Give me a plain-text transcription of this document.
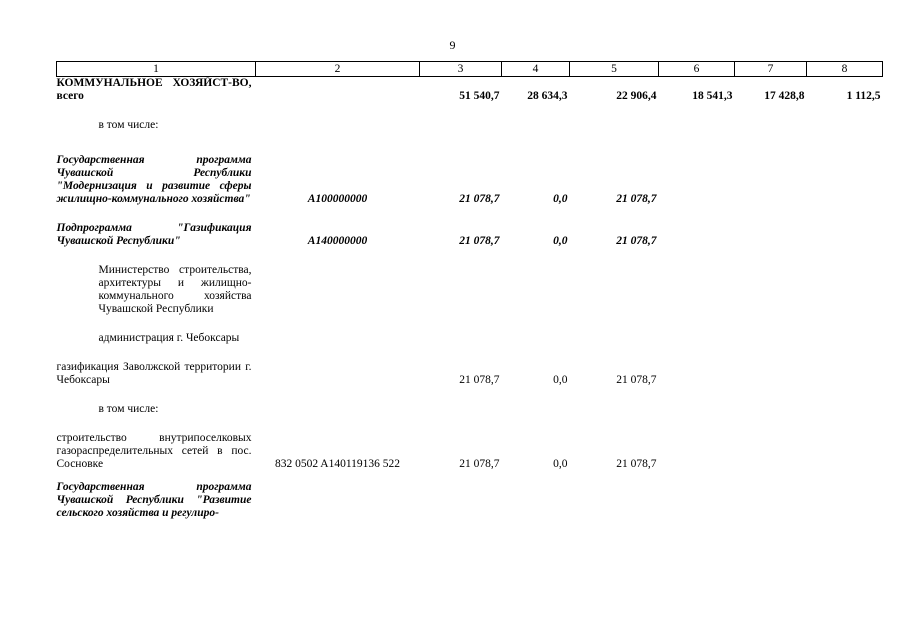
9
1	2	3	4	5	6	7	8
КОММУНАЛЬНОЕ ХОЗЯЙСТ-ВО, всего		51 540,7	28 634,3	22 906,4	18 541,3	17 428,8	1 112,5
в том числе:							
Государственная программа Чувашской Республики "Модернизация и развитие сферы жилищно-коммунального хозяйства"	A100000000	21 078,7	0,0	21 078,7			
Подпрограмма "Газификация Чувашской Республики"	A140000000	21 078,7	0,0	21 078,7			
Министерство строительства, архитектуры и жилищно-коммунального хозяйства Чувашской Республики							
администрация г. Чебоксары							
газификация Заволжской территории г. Чебоксары		21 078,7	0,0	21 078,7			
в том числе:							
строительство внутрипоселковых газораспределительных сетей в пос. Сосновке	832 0502 A140119136 522	21 078,7	0,0	21 078,7			
Государственная программа Чувашской Республики "Развитие сельского хозяйства и регулиро-							
